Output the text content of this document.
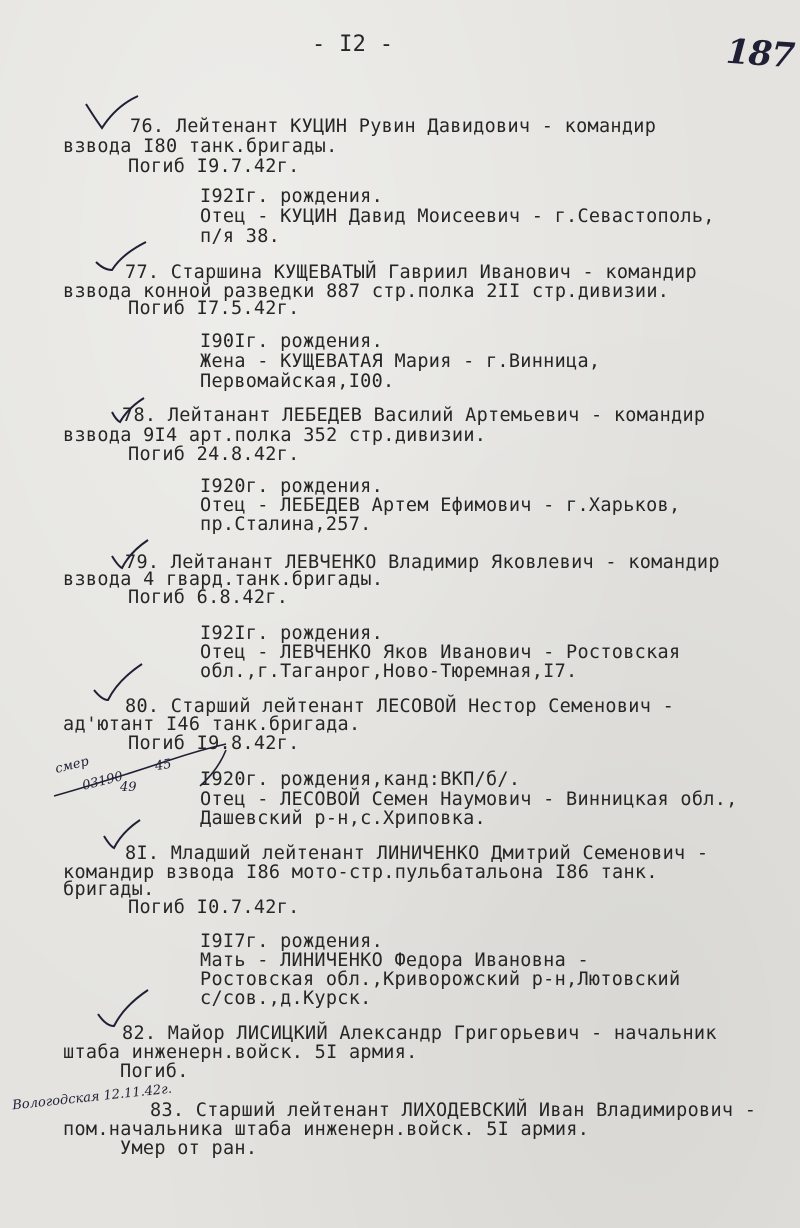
- I2 -	187
76. Лейтенант КУЦИН Рувин Давидович - командир
взвода I80 танк.бригады.
Погиб I9.7.42г.
I92Iг. рождения.
Отец - КУЦИН Давид Моисеевич - г.Севастополь,
п/я 38.
77. Старшина КУЩЕВАТЫЙ Гавриил Иванович - командир
взвода конной разведки 887 стр.полка 2II стр.дивизии.
Погиб I7.5.42г.
I90Iг. рождения.
Жена - КУЩЕВАТАЯ Мария - г.Винница,
Первомайская,I00.
78. Лейтанант ЛЕБЕДЕВ Василий Артемьевич - командир
взвода 9I4 арт.полка 352 стр.дивизии.
Погиб 24.8.42г.
I920г. рождения.
Отец - ЛЕБЕДЕВ Артем Ефимович - г.Харьков,
пр.Сталина,257.
79. Лейтанант ЛЕВЧЕНКО Владимир Яковлевич - командир
взвода 4 гвард.танк.бригады.
Погиб 6.8.42г.
I92Iг. рождения.
Отец - ЛЕВЧЕНКО Яков Иванович - Ростовская
обл.,г.Таганрог,Ново-Тюремная,I7.
80. Старший лейтенант ЛЕСОВОЙ Нестор Семенович -
ад'ютант I46 танк.бригада.
Погиб I9.8.42г.
I920г. рождения,канд:ВКП/б/.
Отец - ЛЕСОВОЙ Семен Наумович - Винницкая обл.,
Дашевский р-н,с.Хриповка.
8I. Младший лейтенант ЛИНИЧЕНКО Дмитрий Семенович -
командир взвода I86 мото-стр.пульбатальона I86 танк.
бригады.
Погиб I0.7.42г.
I9I7г. рождения.
Мать - ЛИНИЧЕНКО Федора Ивановна -
Ростовская обл.,Криворожский р-н,Лютовский
с/сов.,д.Курск.
82. Майор ЛИСИЦКИЙ Александр Григорьевич - начальник
штаба инженерн.войск. 5I армия.
Погиб.
83. Старший лейтенант ЛИХОДЕВСКИЙ Иван Владимирович -
пом.начальника штаба инженерн.войск. 5I армия.
Умер от ран.
смер
03190
45
49
Вологодская 12.11.42г.
